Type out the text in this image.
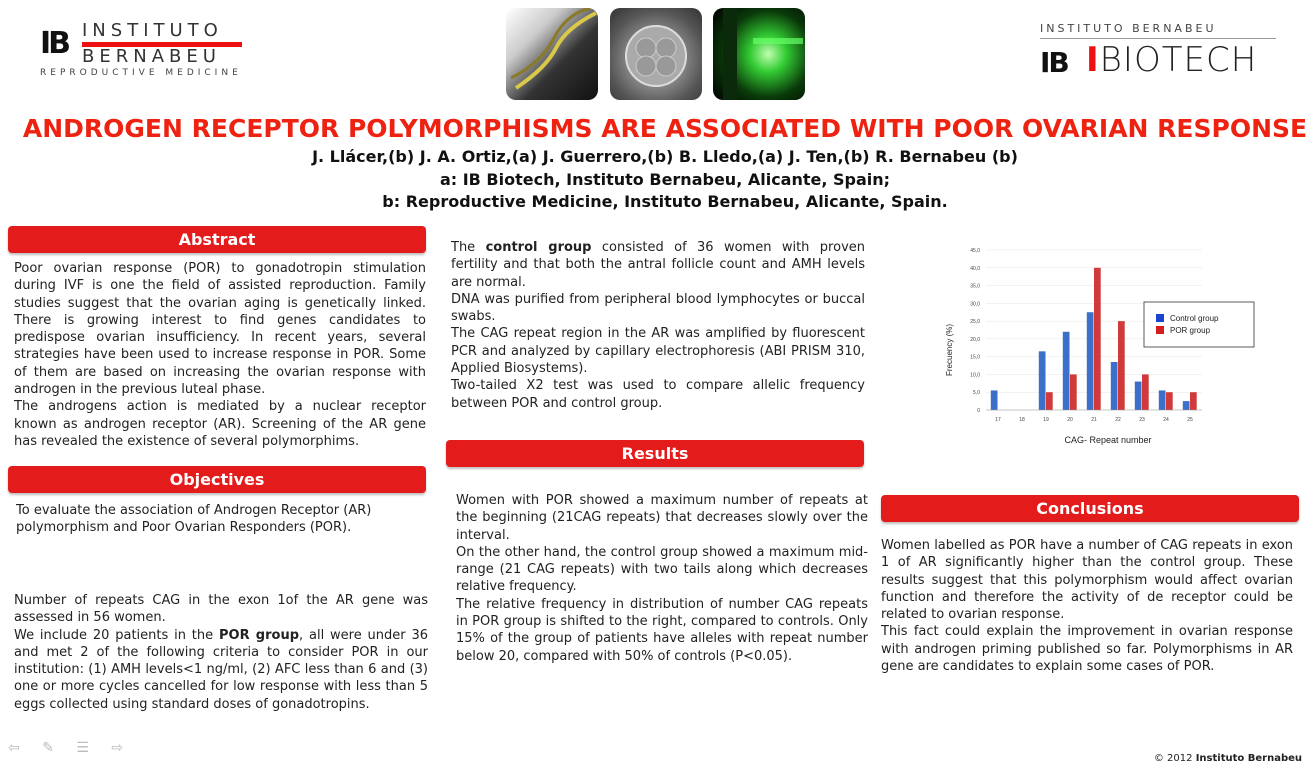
IB INSTITUTO
BERNABEU
REPRODUCTIVE MEDICINE
INSTITUTO BERNABEU
IB IBIOTECH
ANDROGEN RECEPTOR POLYMORPHISMS ARE ASSOCIATED WITH POOR OVARIAN RESPONSE
J. Llácer,(b) J. A. Ortiz,(a) J. Guerrero,(b) B. Lledo,(a) J. Ten,(b) R. Bernabeu (b)
a: IB Biotech, Instituto Bernabeu, Alicante, Spain;
b: Reproductive Medicine, Instituto Bernabeu, Alicante, Spain.
Abstract

Poor ovarian response (POR) to gonadotropin stimulation during IVF is one the field of assisted reproduction. Family studies suggest that the ovarian aging is genetically linked. There is growing interest to find genes candidates to predispose ovarian insufficiency. In recent years, several strategies have been used to increase response in POR. Some of them are based on increasing the ovarian response with androgen in the previous luteal phase.

The androgens action is mediated by a nuclear receptor known as androgen receptor (AR). Screening of the AR gene has revealed the existence of several polymorphims.

Objectives

To evaluate the association of Androgen Receptor (AR) polymorphism and Poor Ovarian Responders (POR).

Number of repeats CAG in the exon 1of the AR gene was assessed in 56 women.

We include 20 patients in the POR group, all were under 36 and met 2 of the following criteria to consider POR in our institution: (1) AMH levels<1 ng/ml, (2) AFC less than 6 and (3) one or more cycles cancelled for low response with less than 5 eggs collected using standard doses of gonadotropins.

The control group consisted of 36 women with proven fertility and that both the antral follicle count and AMH levels are normal.

DNA was purified from peripheral blood lymphocytes or buccal swabs.

The CAG repeat region in the AR was amplified by fluorescent PCR and analyzed by capillary electrophoresis (ABI PRISM 310, Applied Biosystems).

Two-tailed X2 test was used to compare allelic frequency between POR and control group.

Results

Women with POR showed a maximum number of repeats at the beginning (21CAG repeats) that decreases slowly over the interval.

On the other hand, the control group showed a maximum mid-range (21 CAG repeats) with two tails along which decreases relative frequency.

The relative frequency in distribution of number CAG repeats in POR group is shifted to the right, compared to controls. Only 15% of the group of patients have alleles with repeat number below 20, compared with 50% of controls (P<0.05).

Frecuency (%)
CAG- Repeat number
0
5,0
10,0
15,0
20,0
25,0
30,0
35,0
40,0
45,0
17	18	19	20	21	22	23	24	25
Control group
POR group
Conclusions

Women labelled as POR have a number of CAG repeats in exon 1 of AR significantly higher than the control group. These results suggest that this polymorphism would affect ovarian function and therefore the activity of de receptor could be related to ovarian response.

This fact could explain the improvement in ovarian response with androgen priming published so far. Polymorphisms in AR gene are candidates to explain some cases of POR.

⇦ ✎ ☰ ⇨
© 2012 Instituto Bernabeu
